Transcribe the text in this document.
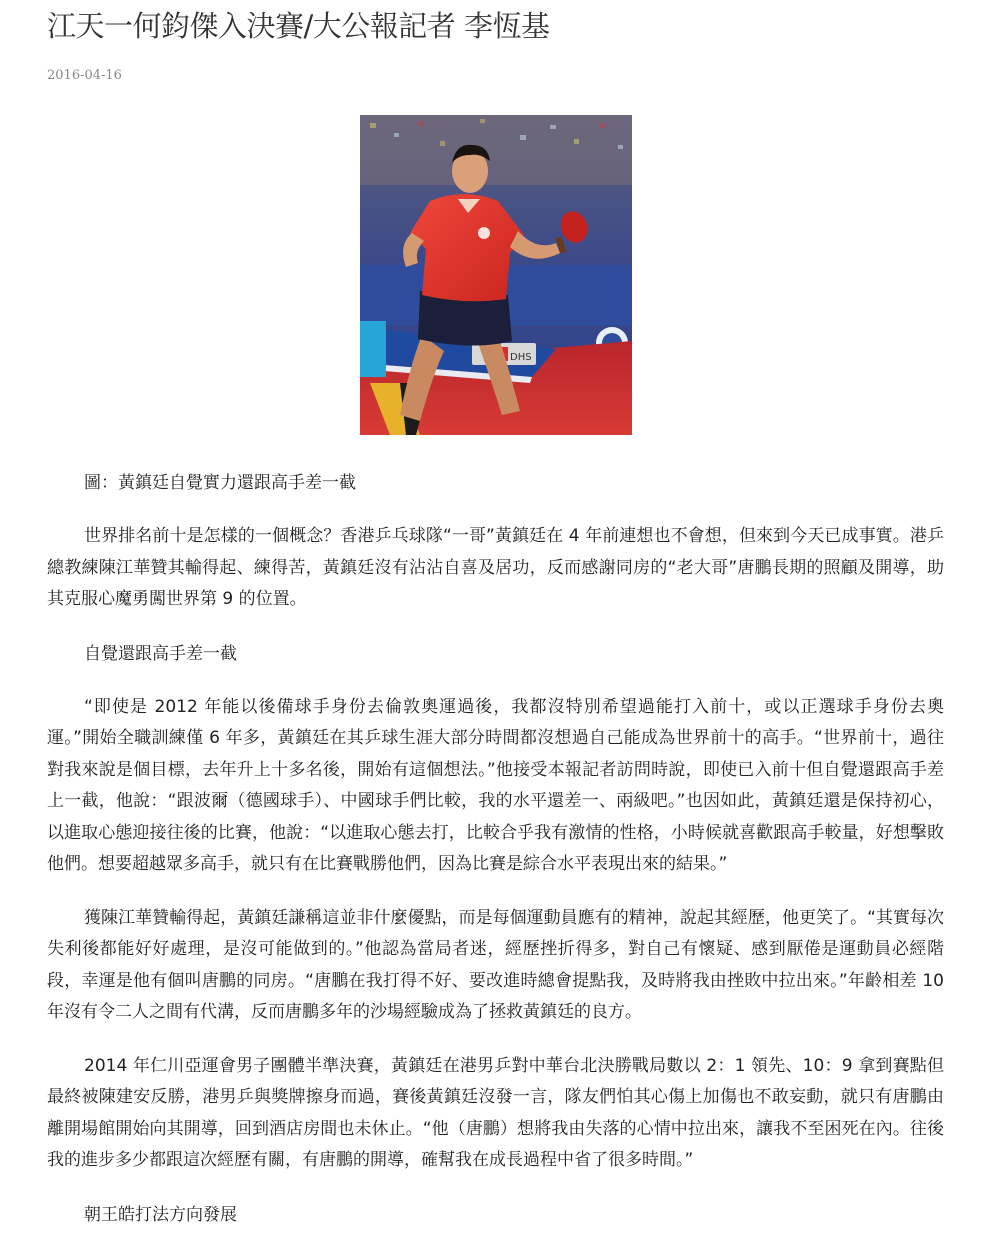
江天一何鈞傑入決賽/大公報記者 李恆基
2016-04-16
DHS

圖：黃鎮廷自覺實力還跟高手差一截

世界排名前十是怎樣的一個概念？香港乒乓球隊“一哥”黃鎮廷在 4 年前連想也不會想，但來到今天已成事實。港乒總教練陳江華贊其輸得起、練得苦，黃鎮廷沒有沾沾自喜及居功，反而感謝同房的“老大哥”唐鵬長期的照顧及開導，助其克服心魔勇闖世界第 9 的位置。

自覺還跟高手差一截

“即使是 2012 年能以後備球手身份去倫敦奧運過後，我都沒特別希望過能打入前十，或以正選球手身份去奧運。”開始全職訓練僅 6 年多，黃鎮廷在其乒球生涯大部分時間都沒想過自己能成為世界前十的高手。“世界前十，過往對我來說是個目標，去年升上十多名後，開始有這個想法。”他接受本報記者訪問時說，即使已入前十但自覺還跟高手差上一截，他說：“跟波爾（德國球手）、中國球手們比較，我的水平還差一、兩級吧。”也因如此，黃鎮廷還是保持初心，以進取心態迎接往後的比賽，他說：“以進取心態去打，比較合乎我有激情的性格，小時候就喜歡跟高手較量，好想擊敗他們。想要超越眾多高手，就只有在比賽戰勝他們，因為比賽是綜合水平表現出來的結果。”

獲陳江華贊輸得起，黃鎮廷謙稱這並非什麼優點，而是每個運動員應有的精神，說起其經歷，他更笑了。“其實每次失利後都能好好處理，是沒可能做到的。”他認為當局者迷，經歷挫折得多，對自己有懷疑、感到厭倦是運動員必經階段，幸運是他有個叫唐鵬的同房。“唐鵬在我打得不好、要改進時總會提點我，及時將我由挫敗中拉出來。”年齡相差 10 年沒有令二人之間有代溝，反而唐鵬多年的沙場經驗成為了拯救黃鎮廷的良方。

2014 年仁川亞運會男子團體半準決賽，黃鎮廷在港男乒對中華台北決勝戰局數以 2：1 領先、10：9 拿到賽點但最終被陳建安反勝，港男乒與獎牌擦身而過，賽後黃鎮廷沒發一言，隊友們怕其心傷上加傷也不敢妄動，就只有唐鵬由離開場館開始向其開導，回到酒店房間也未休止。“他（唐鵬）想將我由失落的心情中拉出來，讓我不至困死在內。往後我的進步多少都跟這次經歷有關，有唐鵬的開導，確幫我在成長過程中省了很多時間。”

朝王皓打法方向發展
